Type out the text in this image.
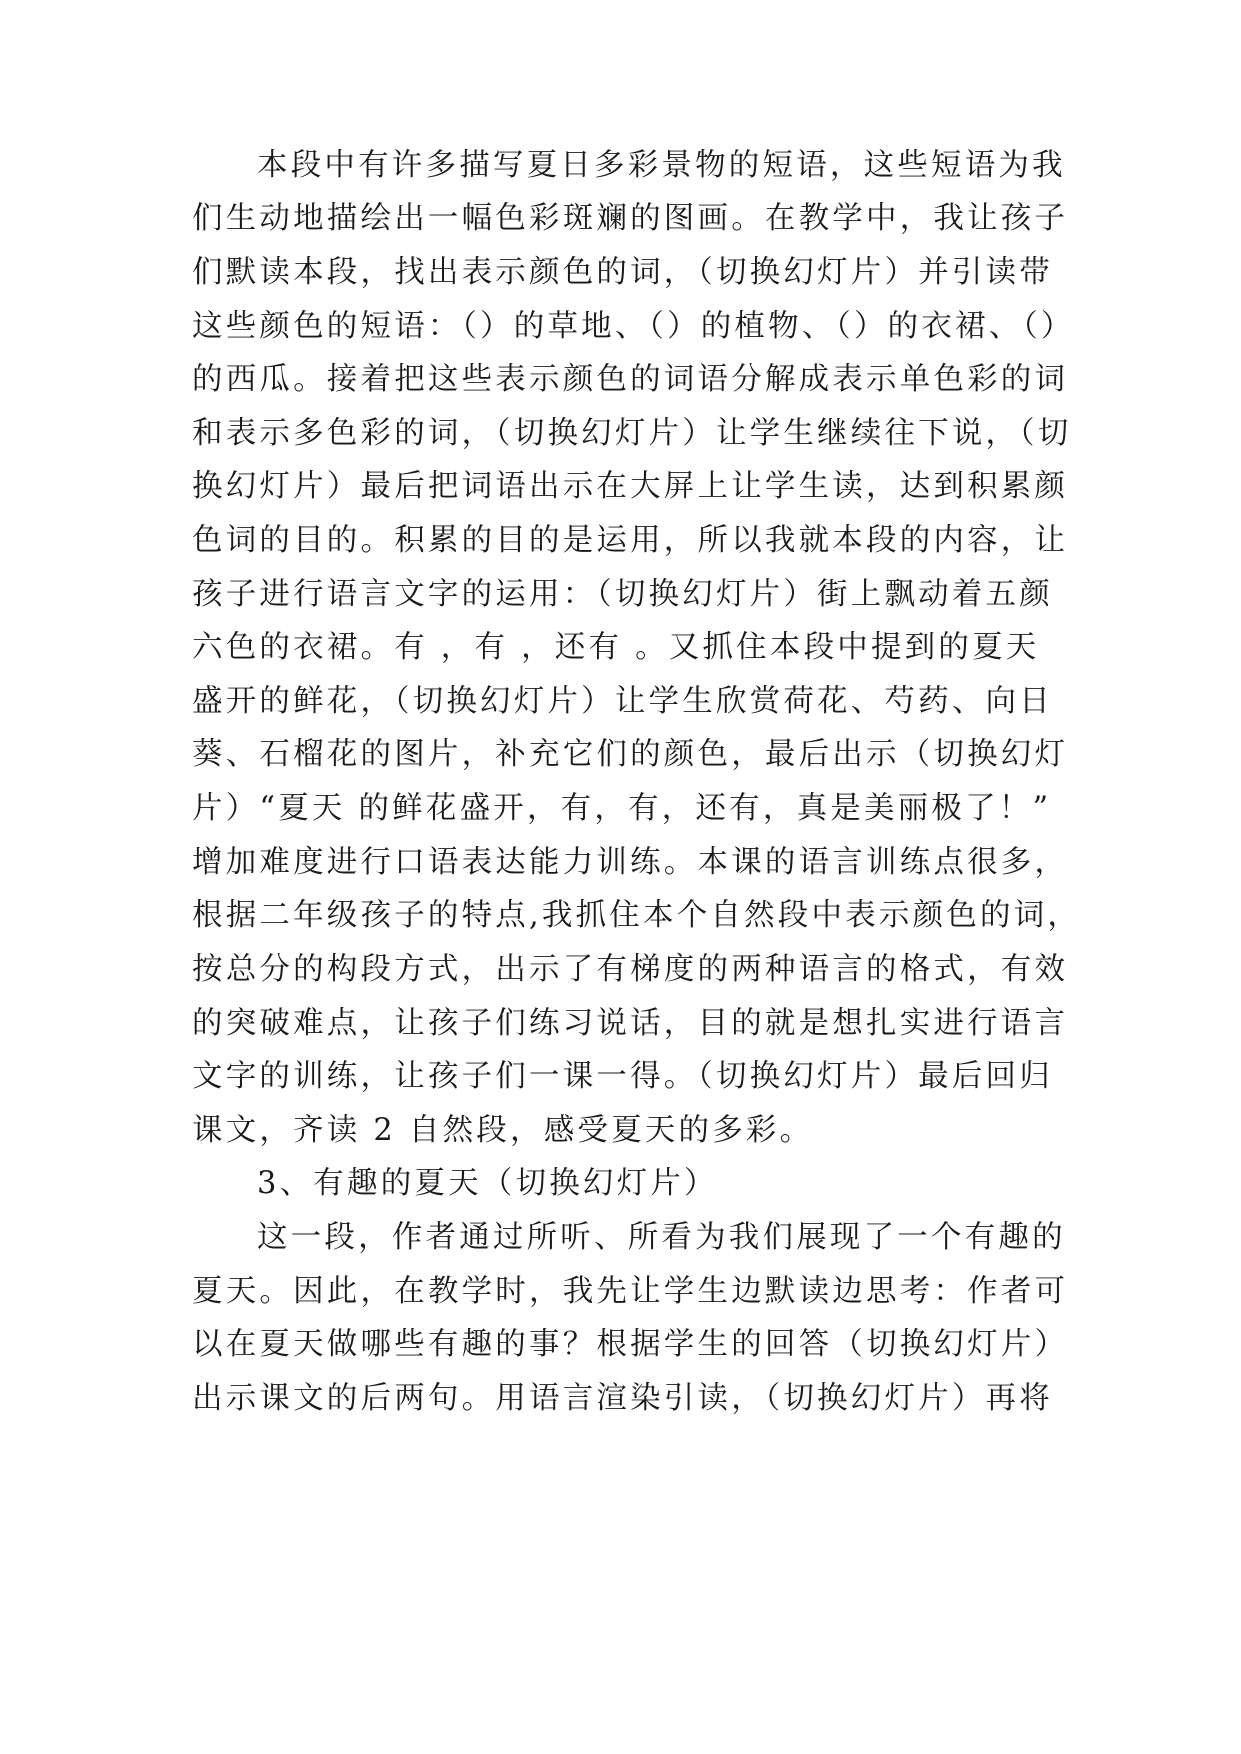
本段中有许多描写夏日多彩景物的短语，这些短语为我
们生动地描绘出一幅色彩斑斓的图画。在教学中，我让孩子
们默读本段，找出表示颜色的词，（切换幻灯片）并引读带
这些颜色的短语：（）的草地、（）的植物、（）的衣裙、（）
的西瓜。接着把这些表示颜色的词语分解成表示单色彩的词
和表示多色彩的词，（切换幻灯片）让学生继续往下说，（切
换幻灯片）最后把词语出示在大屏上让学生读，达到积累颜
色词的目的。积累的目的是运用，所以我就本段的内容，让
孩子进行语言文字的运用：（切换幻灯片）街上飘动着五颜
六色的衣裙。有 ，有 ，还有 。又抓住本段中提到的夏天
盛开的鲜花，（切换幻灯片）让学生欣赏荷花、芍药、向日
葵、石榴花的图片，补充它们的颜色，最后出示（切换幻灯
片）“夏天 的鲜花盛开，有，有，还有，真是美丽极了！”
增加难度进行口语表达能力训练。本课的语言训练点很多，
根据二年级孩子的特点,我抓住本个自然段中表示颜色的词，
按总分的构段方式，出示了有梯度的两种语言的格式，有效
的突破难点，让孩子们练习说话，目的就是想扎实进行语言
文字的训练，让孩子们一课一得。（切换幻灯片）最后回归
课文，齐读 2 自然段，感受夏天的多彩。
3、有趣的夏天（切换幻灯片）
这一段，作者通过所听、所看为我们展现了一个有趣的
夏天。因此，在教学时，我先让学生边默读边思考：作者可
以在夏天做哪些有趣的事？根据学生的回答（切换幻灯片）
出示课文的后两句。用语言渲染引读，（切换幻灯片）再将
